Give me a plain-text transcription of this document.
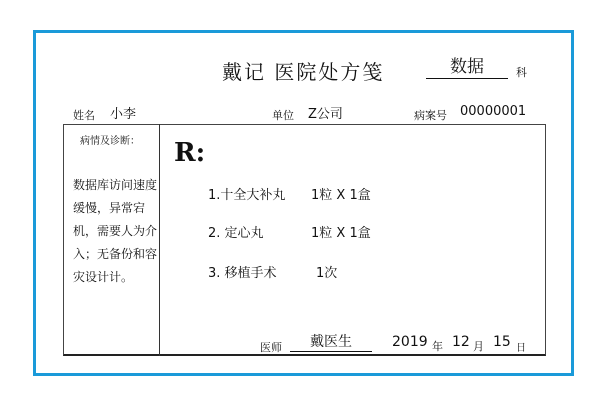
戴记 医院处方笺	数据	科
姓名 小李	单位 Z公司	病案号 00000001
病情及诊断：
数据库访问速度缓慢，异常宕机，需要人为介入；无备份和容灾设计计。
R:
1.十全大补丸 1粒 X 1盒
2. 定心丸	1粒 X 1盒
3. 移植手术	1次
医师	戴医生	2019 年 12 月 15 日
